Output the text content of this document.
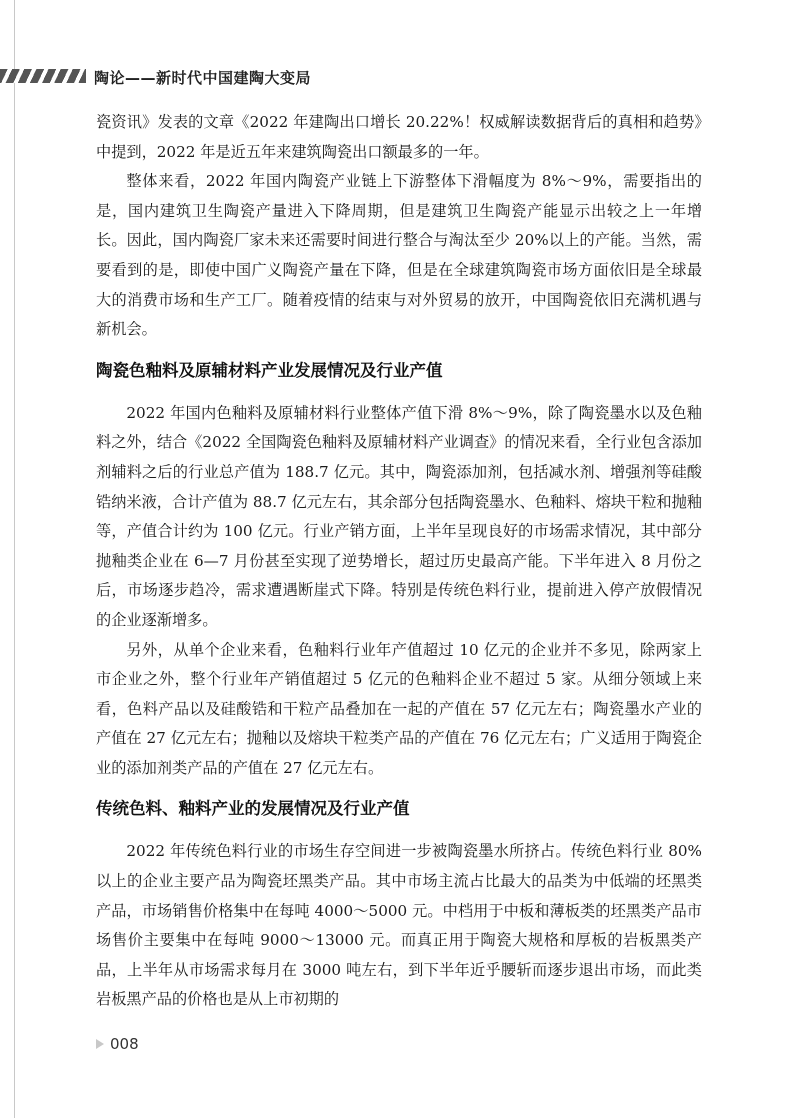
陶论——新时代中国建陶大变局

瓷资讯》发表的文章《2022 年建陶出口增长 20.22%！权威解读数据背后的真相和趋势》中提到，2022 年是近五年来建筑陶瓷出口额最多的一年。

整体来看，2022 年国内陶瓷产业链上下游整体下滑幅度为 8%～9%，需要指出的是，国内建筑卫生陶瓷产量进入下降周期，但是建筑卫生陶瓷产能显示出较之上一年增长。因此，国内陶瓷厂家未来还需要时间进行整合与淘汰至少 20%以上的产能。当然，需要看到的是，即使中国广义陶瓷产量在下降，但是在全球建筑陶瓷市场方面依旧是全球最大的消费市场和生产工厂。随着疫情的结束与对外贸易的放开，中国陶瓷依旧充满机遇与新机会。

陶瓷色釉料及原辅材料产业发展情况及行业产值

2022 年国内色釉料及原辅材料行业整体产值下滑 8%～9%，除了陶瓷墨水以及色釉料之外，结合《2022 全国陶瓷色釉料及原辅材料产业调查》的情况来看，全行业包含添加剂辅料之后的行业总产值为 188.7 亿元。其中，陶瓷添加剂，包括减水剂、增强剂等硅酸锆纳米液，合计产值为 88.7 亿元左右，其余部分包括陶瓷墨水、色釉料、熔块干粒和抛釉等，产值合计约为 100 亿元。行业产销方面，上半年呈现良好的市场需求情况，其中部分抛釉类企业在 6—7 月份甚至实现了逆势增长，超过历史最高产能。下半年进入 8 月份之后，市场逐步趋冷，需求遭遇断崖式下降。特别是传统色料行业，提前进入停产放假情况的企业逐渐增多。

另外，从单个企业来看，色釉料行业年产值超过 10 亿元的企业并不多见，除两家上市企业之外，整个行业年产销值超过 5 亿元的色釉料企业不超过 5 家。从细分领域上来看，色料产品以及硅酸锆和干粒产品叠加在一起的产值在 57 亿元左右；陶瓷墨水产业的产值在 27 亿元左右；抛釉以及熔块干粒类产品的产值在 76 亿元左右；广义适用于陶瓷企业的添加剂类产品的产值在 27 亿元左右。

传统色料、釉料产业的发展情况及行业产值

2022 年传统色料行业的市场生存空间进一步被陶瓷墨水所挤占。传统色料行业 80%以上的企业主要产品为陶瓷坯黑类产品。其中市场主流占比最大的品类为中低端的坯黑类产品，市场销售价格集中在每吨 4000～5000 元。中档用于中板和薄板类的坯黑类产品市场售价主要集中在每吨 9000～13000 元。而真正用于陶瓷大规格和厚板的岩板黑类产品，上半年从市场需求每月在 3000 吨左右，到下半年近乎腰斩而逐步退出市场，而此类岩板黑产品的价格也是从上市初期的

008
